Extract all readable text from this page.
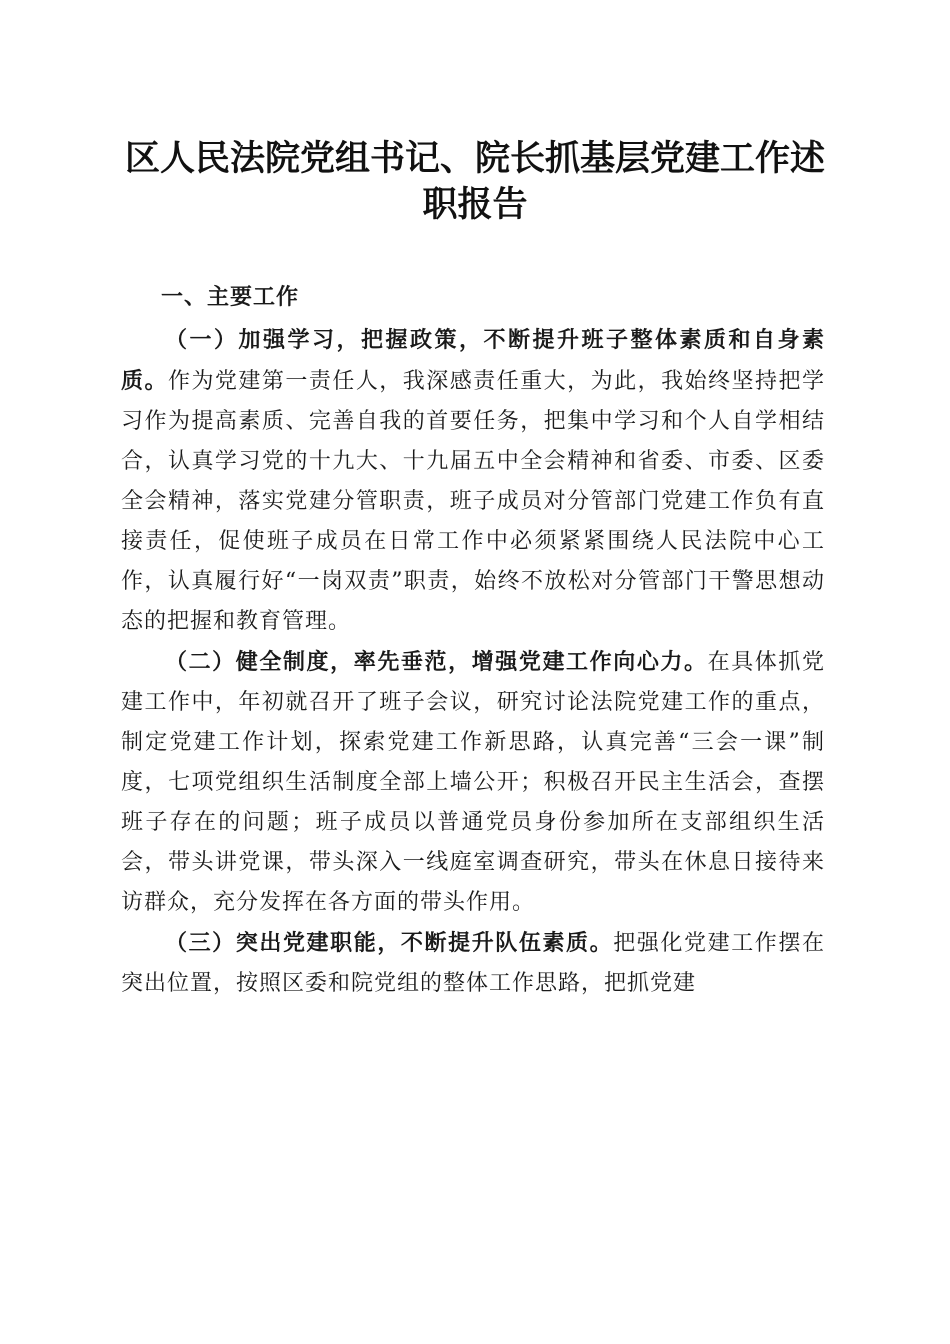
区人民法院党组书记、院长抓基层党建工作述职报告

一、主要工作

（一）加强学习，把握政策，不断提升班子整体素质和自身素质。作为党建第一责任人，我深感责任重大，为此，我始终坚持把学习作为提高素质、完善自我的首要任务，把集中学习和个人自学相结合，认真学习党的十九大、十九届五中全会精神和省委、市委、区委全会精神，落实党建分管职责，班子成员对分管部门党建工作负有直接责任，促使班子成员在日常工作中必须紧紧围绕人民法院中心工作，认真履行好“一岗双责”职责，始终不放松对分管部门干警思想动态的把握和教育管理。

（二）健全制度，率先垂范，增强党建工作向心力。在具体抓党建工作中，年初就召开了班子会议，研究讨论法院党建工作的重点，制定党建工作计划，探索党建工作新思路，认真完善“三会一课”制度，七项党组织生活制度全部上墙公开；积极召开民主生活会，查摆班子存在的问题；班子成员以普通党员身份参加所在支部组织生活会，带头讲党课，带头深入一线庭室调查研究，带头在休息日接待来访群众，充分发挥在各方面的带头作用。

（三）突出党建职能，不断提升队伍素质。把强化党建工作摆在突出位置，按照区委和院党组的整体工作思路，把抓党建
